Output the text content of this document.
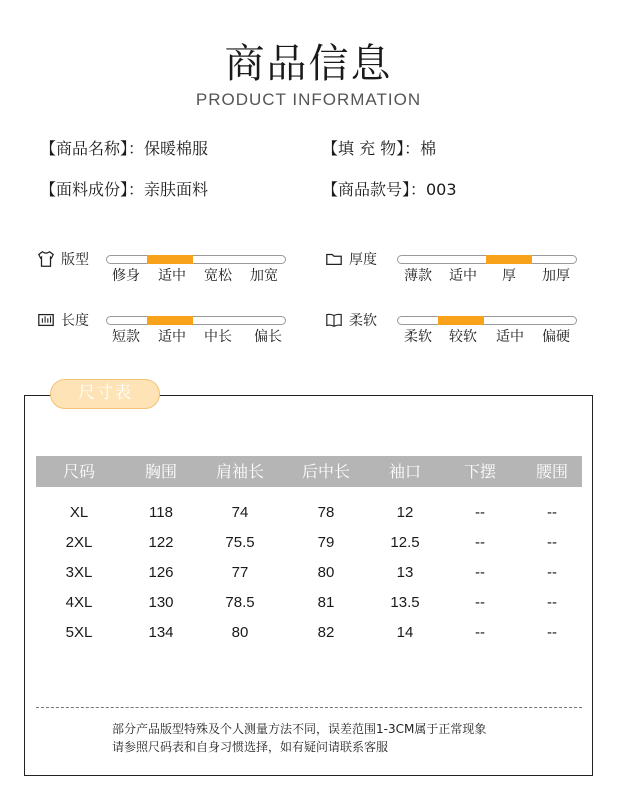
商品信息
PRODUCT INFORMATION
【商品名称】：保暖棉服	【填 充 物】：棉
【面料成份】：亲肤面料	【商品款号】：003
版型
修身 适中 宽松 加宽
厚度
薄款 适中 厚 加厚
长度
短款 适中 中长 偏长
柔软
柔软 较软 适中 偏硬
尺寸表
尺码	胸围	肩袖长	后中长	袖口	下摆	腰围
XL	118	74	78	12	--	--
2XL	122	75.5	79	12.5	--	--
3XL	126	77	80	13	--	--
4XL	130	78.5	81	13.5	--	--
5XL	134	80	82	14	--	--
部分产品版型特殊及个人测量方法不同，误差范围1-3CM属于正常现象
请参照尺码表和自身习惯选择，如有疑问请联系客服
